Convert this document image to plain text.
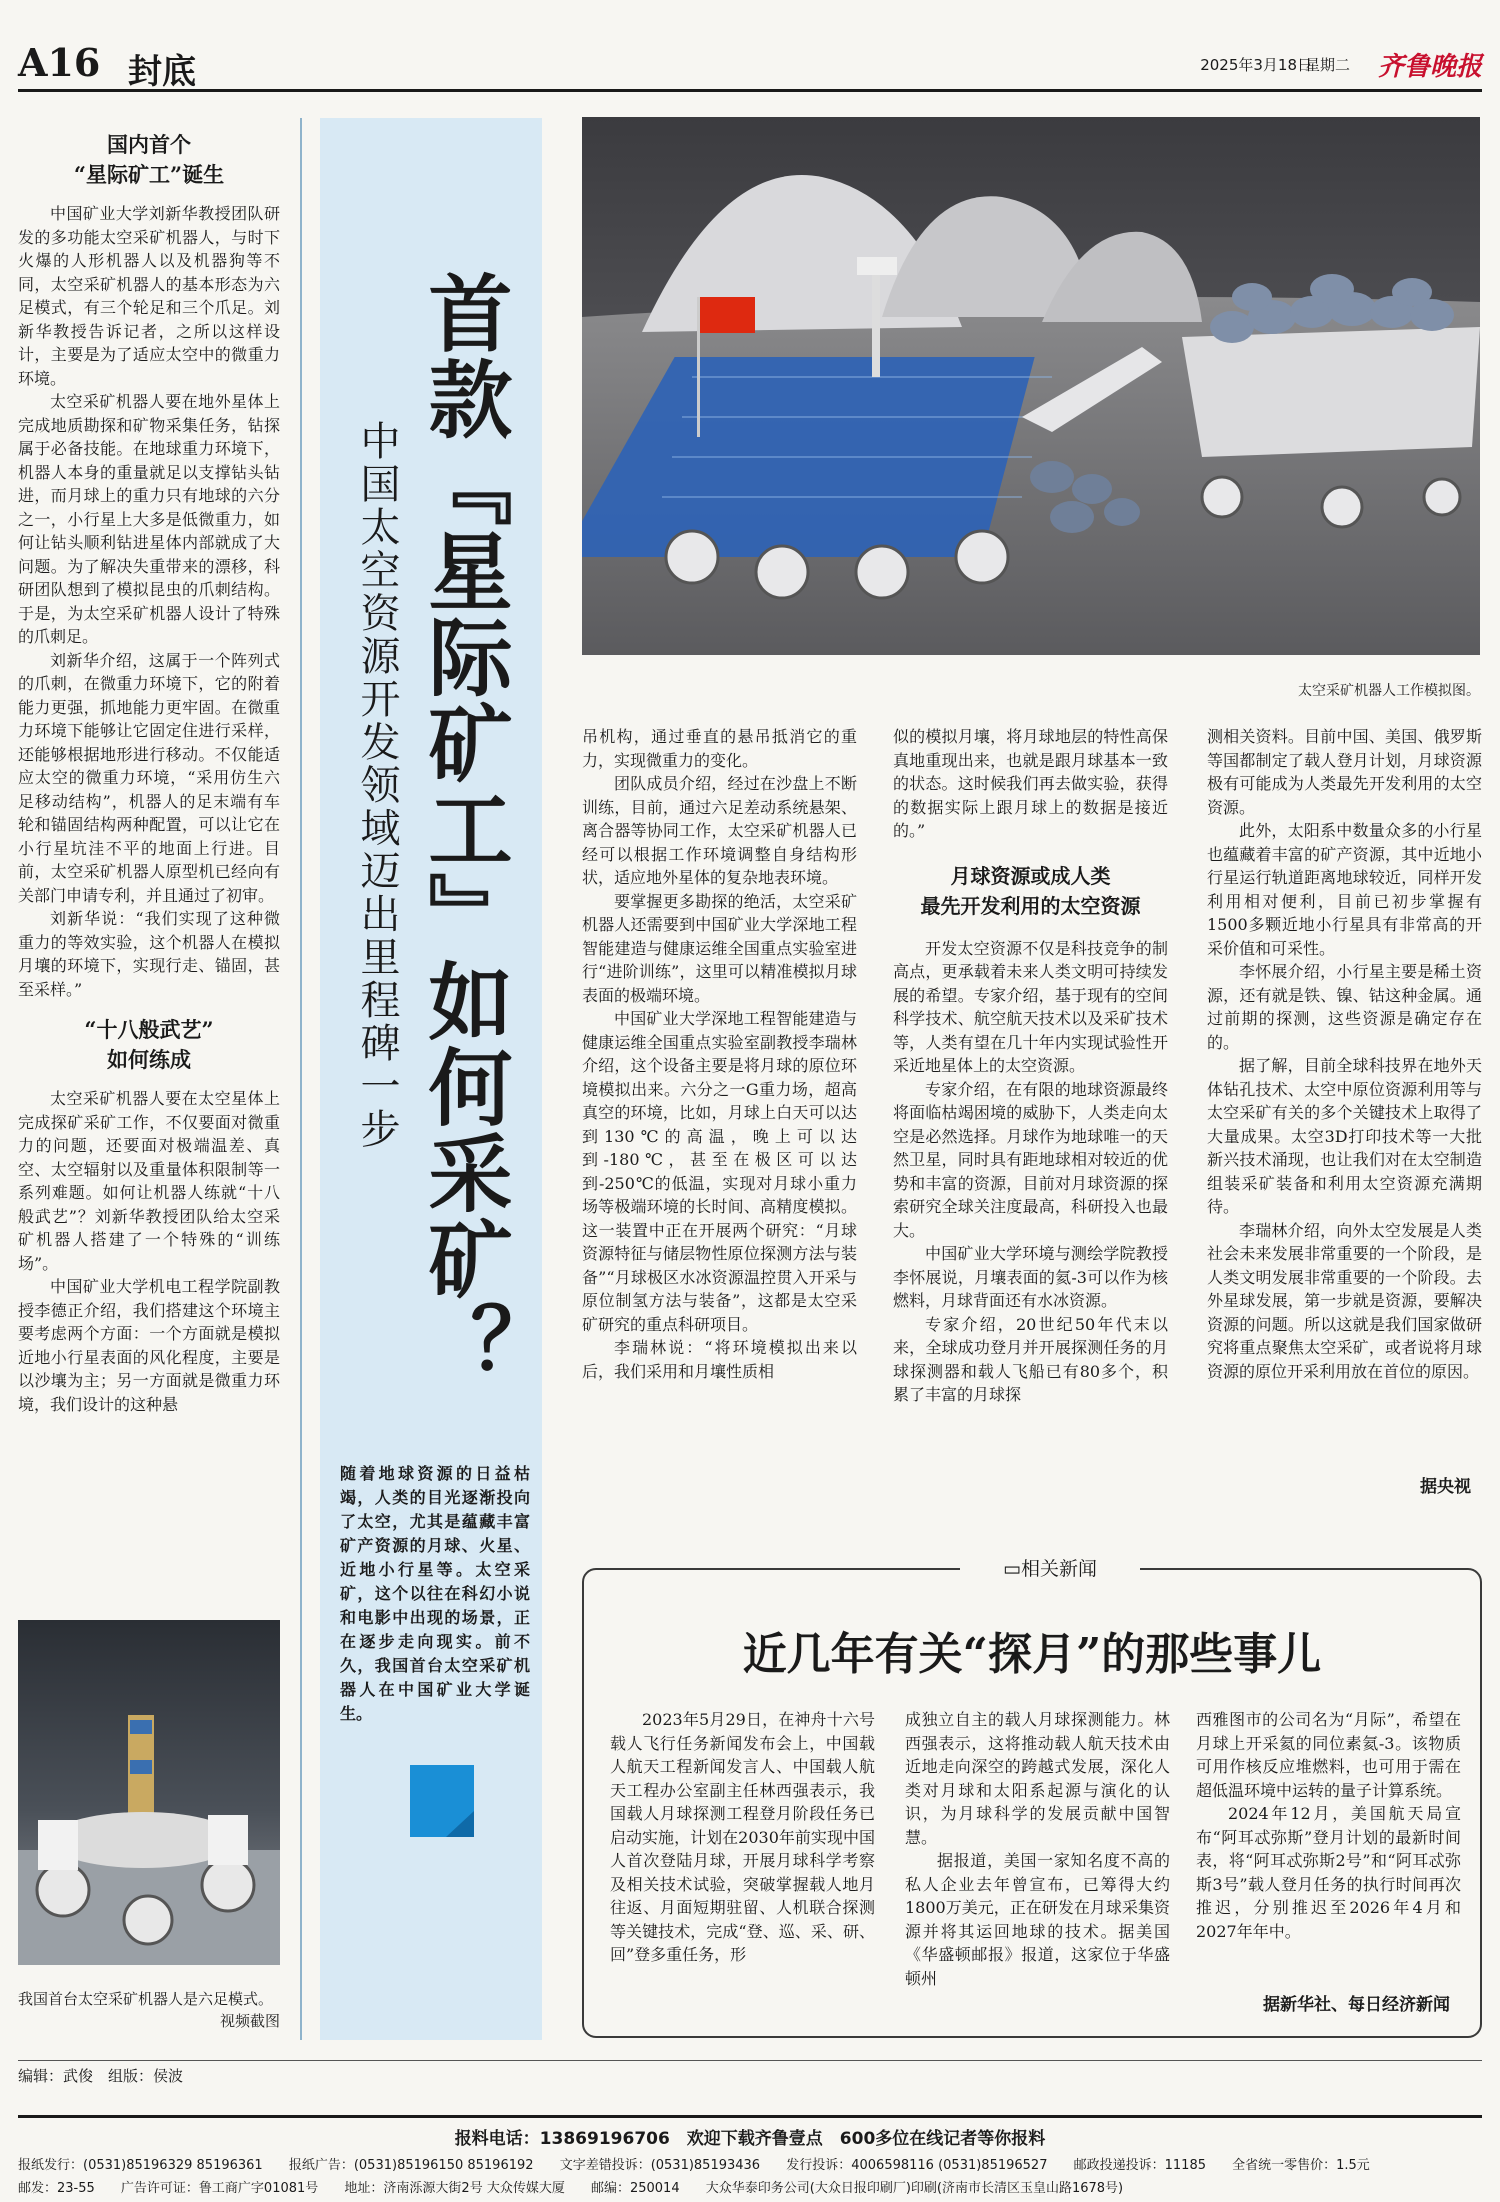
A16 封底	2025年3月18日
星期二 齐鲁晚报
国内首个
“星际矿工”诞生

中国矿业大学刘新华教授团队研发的多功能太空采矿机器人，与时下火爆的人形机器人以及机器狗等不同，太空采矿机器人的基本形态为六足模式，有三个轮足和三个爪足。刘新华教授告诉记者，之所以这样设计，主要是为了适应太空中的微重力环境。

太空采矿机器人要在地外星体上完成地质勘探和矿物采集任务，钻探属于必备技能。在地球重力环境下，机器人本身的重量就足以支撑钻头钻进，而月球上的重力只有地球的六分之一，小行星上大多是低微重力，如何让钻头顺利钻进星体内部就成了大问题。为了解决失重带来的漂移，科研团队想到了模拟昆虫的爪刺结构。于是，为太空采矿机器人设计了特殊的爪刺足。

刘新华介绍，这属于一个阵列式的爪刺，在微重力环境下，它的附着能力更强，抓地能力更牢固。在微重力环境下能够让它固定住进行采样，还能够根据地形进行移动。不仅能适应太空的微重力环境，“采用仿生六足移动结构”，机器人的足末端有车轮和锚固结构两种配置，可以让它在小行星坑洼不平的地面上行进。目前，太空采矿机器人原型机已经向有关部门申请专利，并且通过了初审。

刘新华说：“我们实现了这种微重力的等效实验，这个机器人在模拟月壤的环境下，实现行走、锚固，甚至采样。”

“十八般武艺”
如何练成

太空采矿机器人要在太空星体上完成探矿采矿工作，不仅要面对微重力的问题，还要面对极端温差、真空、太空辐射以及重量体积限制等一系列难题。如何让机器人练就“十八般武艺”？刘新华教授团队给太空采矿机器人搭建了一个特殊的“训练场”。

中国矿业大学机电工程学院副教授李德正介绍，我们搭建这个环境主要考虑两个方面：一个方面就是模拟近地小行星表面的风化程度，主要是以沙壤为主；另一方面就是微重力环境，我们设计的这种悬

我国首台太空采矿机器人是六足模式。
视频截图
首款『星际矿工』如何采矿？
中国太空资源开发领域迈出里程碑一步
随着地球资源的日益枯竭，人类的目光逐渐投向了太空，尤其是蕴藏丰富矿产资源的月球、火星、近地小行星等。太空采矿，这个以往在科幻小说和电影中出现的场景，正在逐步走向现实。前不久，我国首台太空采矿机器人在中国矿业大学诞生。
太空采矿机器人工作模拟图。

吊机构，通过垂直的悬吊抵消它的重力，实现微重力的变化。

团队成员介绍，经过在沙盘上不断训练，目前，通过六足差动系统悬架、离合器等协同工作，太空采矿机器人已经可以根据工作环境调整自身结构形状，适应地外星体的复杂地表环境。

要掌握更多勘探的绝活，太空采矿机器人还需要到中国矿业大学深地工程智能建造与健康运维全国重点实验室进行“进阶训练”，这里可以精准模拟月球表面的极端环境。

中国矿业大学深地工程智能建造与健康运维全国重点实验室副教授李瑞林介绍，这个设备主要是将月球的原位环境模拟出来。六分之一G重力场，超高真空的环境，比如，月球上白天可以达到130℃的高温，晚上可以达到-180℃，甚至在极区可以达到-250℃的低温，实现对月球小重力场等极端环境的长时间、高精度模拟。这一装置中正在开展两个研究：“月球资源特征与储层物性原位探测方法与装备”“月球极区水冰资源温控贯入开采与原位制氢方法与装备”，这都是太空采矿研究的重点科研项目。

李瑞林说：“将环境模拟出来以后，我们采用和月壤性质相

似的模拟月壤，将月球地层的特性高保真地重现出来，也就是跟月球基本一致的状态。这时候我们再去做实验，获得的数据实际上跟月球上的数据是接近的。”

月球资源或成人类
最先开发利用的太空资源

开发太空资源不仅是科技竞争的制高点，更承载着未来人类文明可持续发展的希望。专家介绍，基于现有的空间科学技术、航空航天技术以及采矿技术等，人类有望在几十年内实现试验性开采近地星体上的太空资源。

专家介绍，在有限的地球资源最终将面临枯竭困境的威胁下，人类走向太空是必然选择。月球作为地球唯一的天然卫星，同时具有距地球相对较近的优势和丰富的资源，目前对月球资源的探索研究全球关注度最高，科研投入也最大。

中国矿业大学环境与测绘学院教授李怀展说，月壤表面的氦-3可以作为核燃料，月球背面还有水冰资源。

专家介绍，20世纪50年代末以来，全球成功登月并开展探测任务的月球探测器和载人飞船已有80多个，积累了丰富的月球探

测相关资料。目前中国、美国、俄罗斯等国都制定了载人登月计划，月球资源极有可能成为人类最先开发利用的太空资源。

此外，太阳系中数量众多的小行星也蕴藏着丰富的矿产资源，其中近地小行星运行轨道距离地球较近，同样开发利用相对便利，目前已初步掌握有1500多颗近地小行星具有非常高的开采价值和可采性。

李怀展介绍，小行星主要是稀土资源，还有就是铁、镍、钴这种金属。通过前期的探测，这些资源是确定存在的。

据了解，目前全球科技界在地外天体钻孔技术、太空中原位资源利用等与太空采矿有关的多个关键技术上取得了大量成果。太空3D打印技术等一大批新兴技术涌现，也让我们对在太空制造组装采矿装备和利用太空资源充满期待。

李瑞林介绍，向外太空发展是人类社会未来发展非常重要的一个阶段，是人类文明发展非常重要的一个阶段。去外星球发展，第一步就是资源，要解决资源的问题。所以这就是我们国家做研究将重点聚焦太空采矿，或者说将月球资源的原位开采利用放在首位的原因。

据央视
▭相关新闻
近几年有关“探月”的那些事儿

2023年5月29日，在神舟十六号载人飞行任务新闻发布会上，中国载人航天工程新闻发言人、中国载人航天工程办公室副主任林西强表示，我国载人月球探测工程登月阶段任务已启动实施，计划在2030年前实现中国人首次登陆月球，开展月球科学考察及相关技术试验，突破掌握载人地月往返、月面短期驻留、人机联合探测等关键技术，完成“登、巡、采、研、回”登多重任务，形

成独立自主的载人月球探测能力。林西强表示，这将推动载人航天技术由近地走向深空的跨越式发展，深化人类对月球和太阳系起源与演化的认识，为月球科学的发展贡献中国智慧。

据报道，美国一家知名度不高的私人企业去年曾宣布，已筹得大约1800万美元，正在研发在月球采集资源并将其运回地球的技术。据美国《华盛顿邮报》报道，这家位于华盛顿州

西雅图市的公司名为“月际”，希望在月球上开采氦的同位素氦-3。该物质可用作核反应堆燃料，也可用于需在超低温环境中运转的量子计算系统。

2024年12月，美国航天局宣布“阿耳忒弥斯”登月计划的最新时间表，将“阿耳忒弥斯2号”和“阿耳忒弥斯3号”载人登月任务的执行时间再次推迟，分别推迟至2026年4月和2027年年中。

据新华社、每日经济新闻
编辑：武俊　组版：侯波
报料电话：13869196706　欢迎下载齐鲁壹点　600多位在线记者等你报料
报纸发行：(0531)85196329 85196361 报纸广告：(0531)85196150 85196192 文字差错投诉：(0531)85193436 发行投诉：4006598116 (0531)85196527 邮政投递投诉：11185 全省统一零售价：1.5元
邮发：23-55 广告许可证：鲁工商广字01081号 地址：济南泺源大街2号 大众传媒大厦 邮编：250014 大众华泰印务公司(大众日报印刷厂)印刷(济南市长清区玉皇山路1678号)
